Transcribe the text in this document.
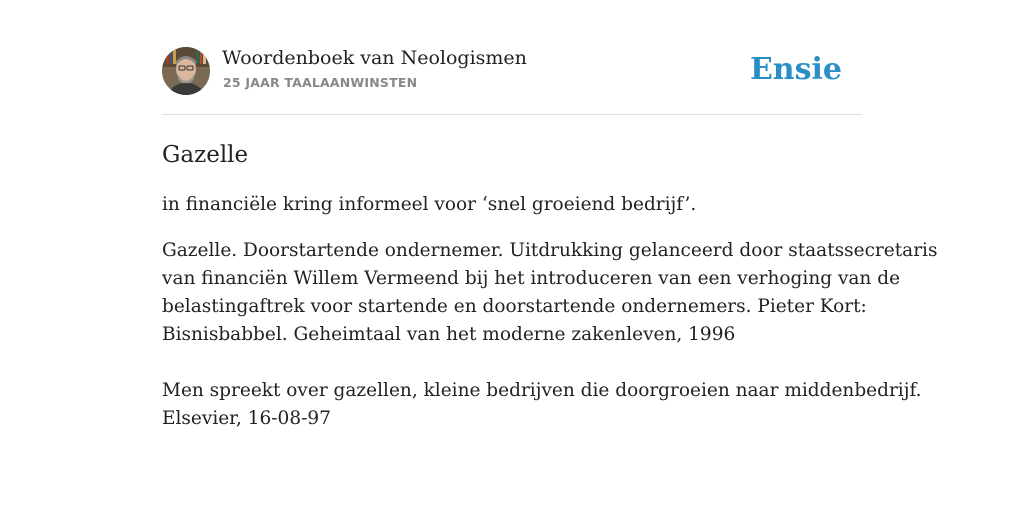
Woordenboek van Neologismen
25 JAAR TAALAANWINSTEN	Ensie
Gazelle

in financiële kring informeel voor ‘snel groeiend bedrijf’.

Gazelle. Doorstartende ondernemer. Uitdrukking gelanceerd door staatssecretaris
van financiën Willem Vermeend bij het introduceren van een verhoging van de
belastingaftrek voor startende en doorstartende ondernemers. Pieter Kort:
Bisnisbabbel. Geheimtaal van het moderne zakenleven, 1996

Men spreekt over gazellen, kleine bedrijven die doorgroeien naar middenbedrijf.
Elsevier, 16-08-97
